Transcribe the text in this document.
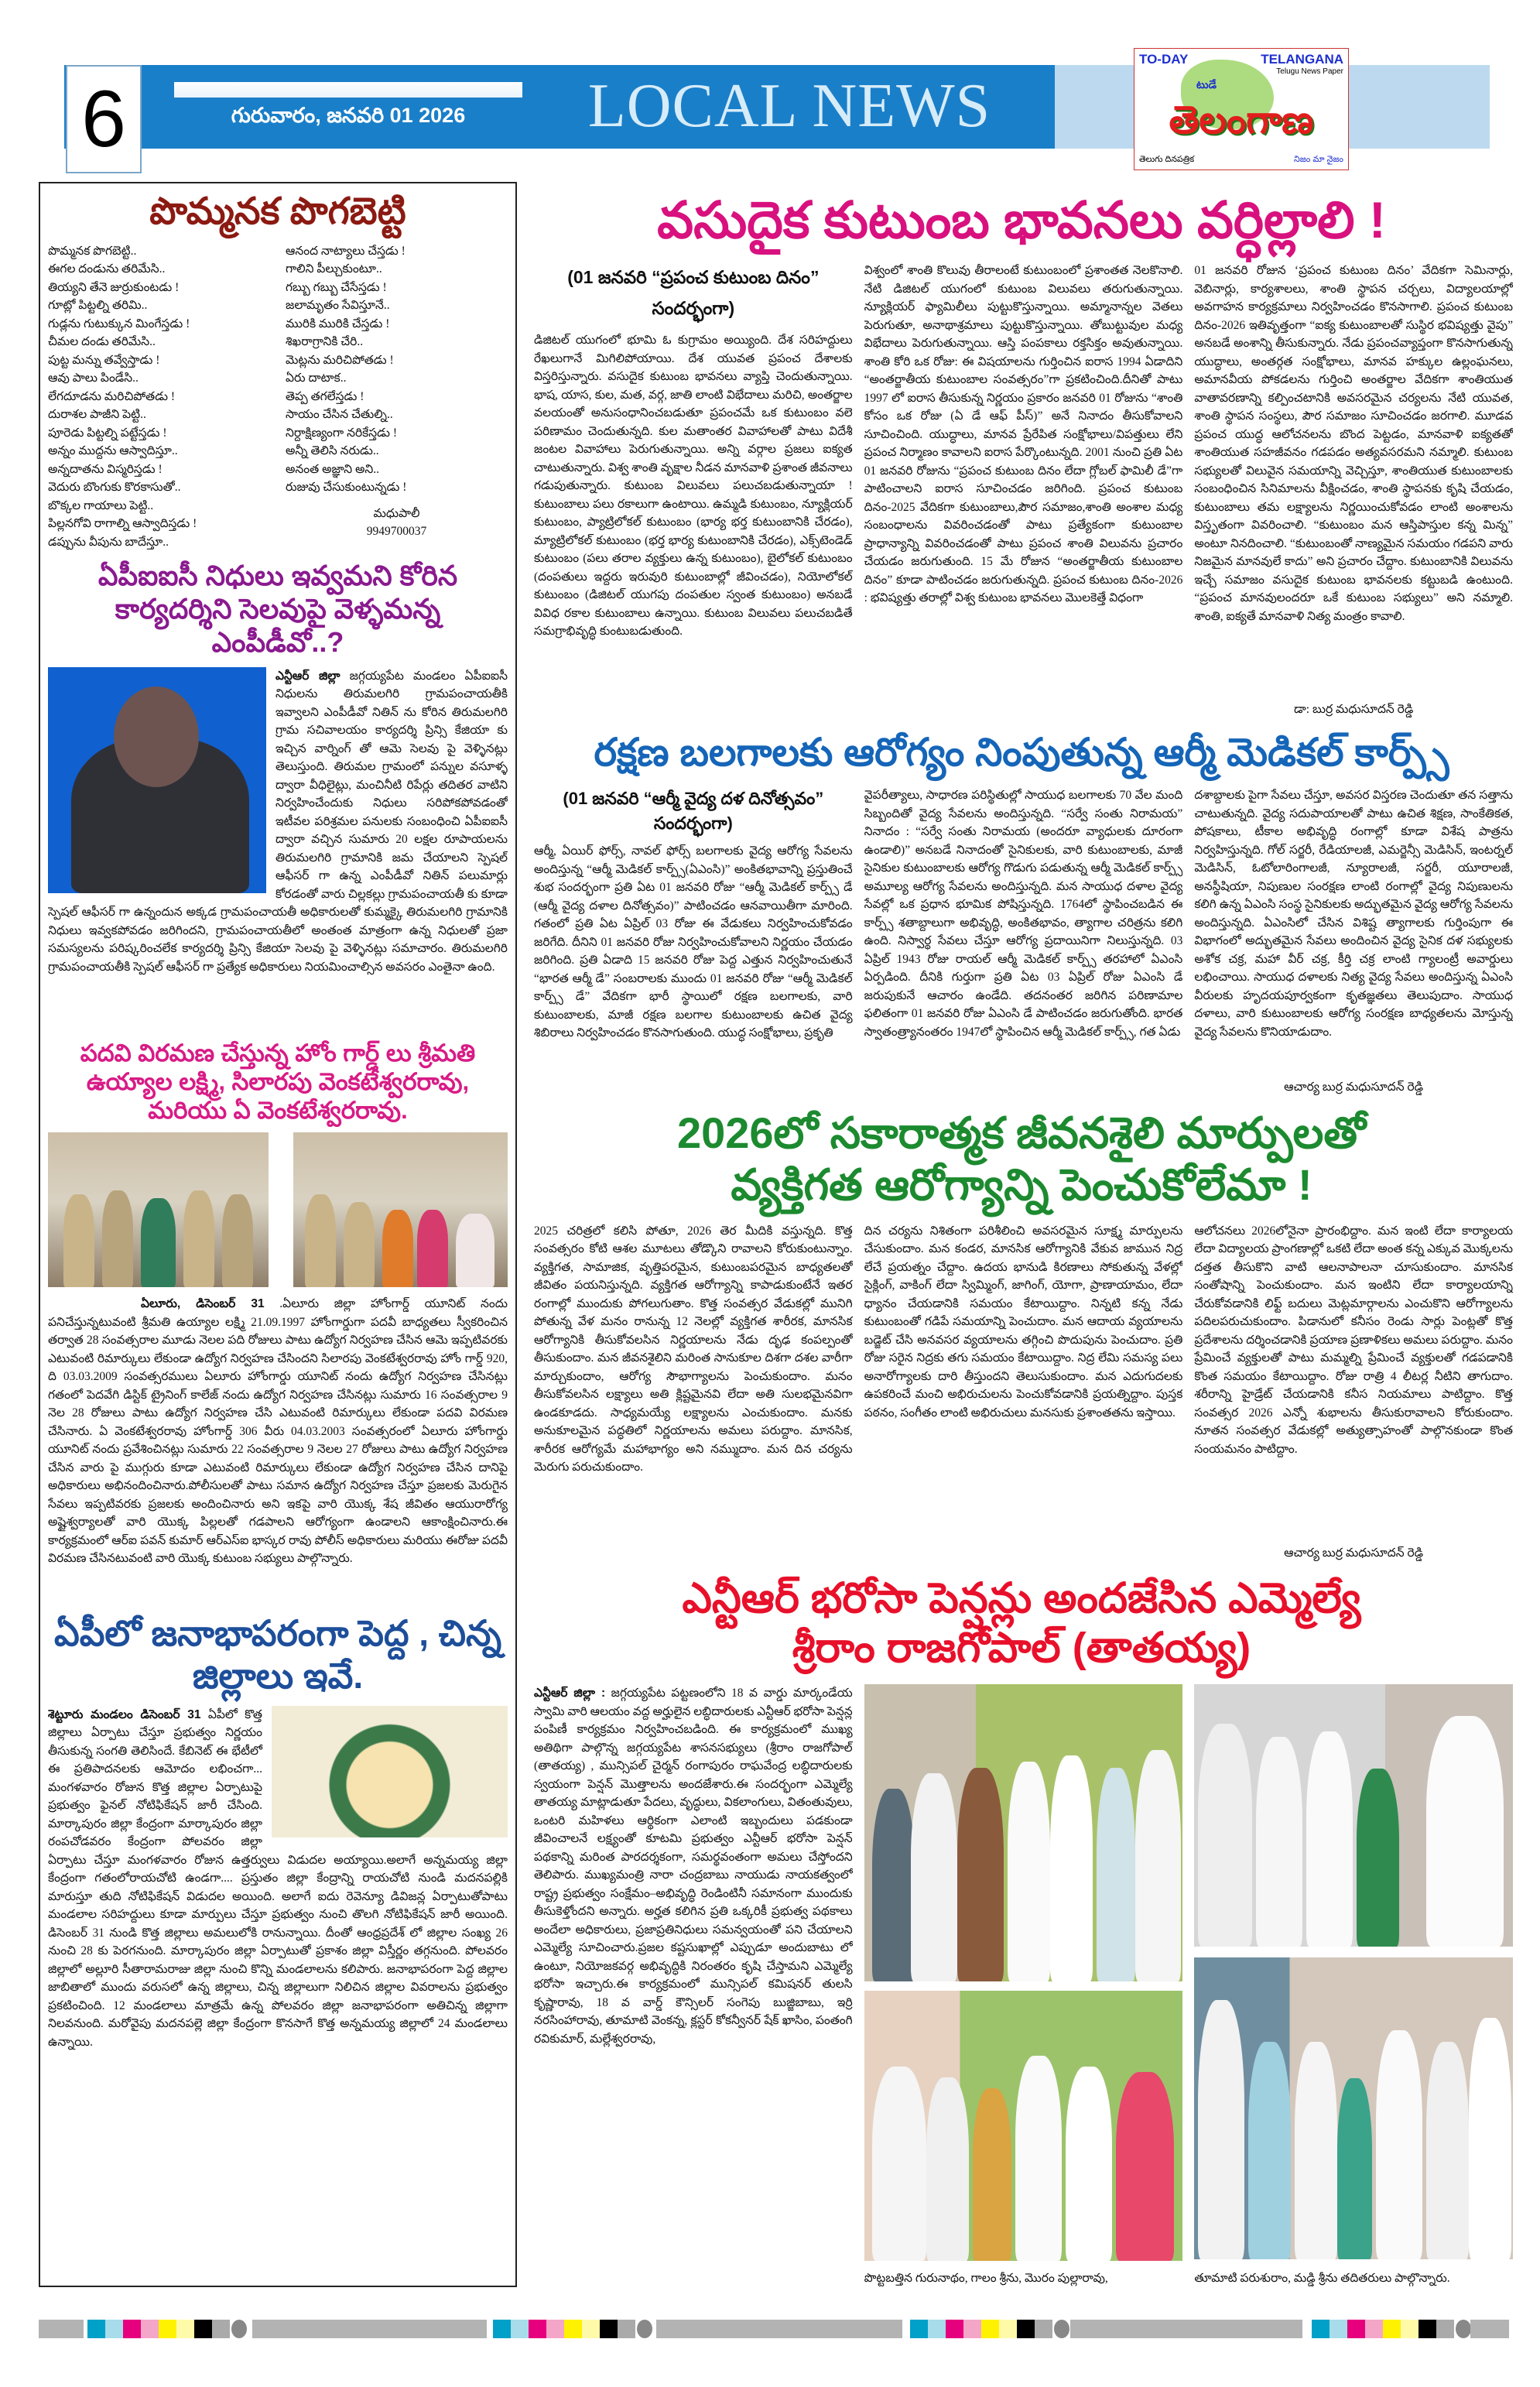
6	గురువారం, జనవరి 01 2026	LOCAL NEWS
TO-DAY	TELANGANA
Telugu News Paper
టుడే
తెలంగాణ
తెలుగు దినపత్రిక	నిజం మా నైజం
పొమ్మనక పొగబెట్టి
పొమ్మనక పొగబెట్టి..
ఈగల దండును తరిమేసి..
తియ్యని తేనె జుర్రుకుంటడు !
గూట్లో పిట్టల్ని తరిమి..
గుడ్లను గుటుక్కున మింగేస్తడు !
చీమల దండు తరిమేసి..
పుట్ట మన్ను తవ్వేస్తాడు !
ఆవు పాలు పిండేసి..
లేగదూడను మరిచిపోతడు !
దురాశల పాజీని పెట్టి..
పూరెడు పిట్టల్ని పట్టేస్తడు !
అన్నం ముద్దను ఆస్వాదిస్తూ..
అన్నదాతను విస్మరిస్తడు !
వెదురు బొంగుకు కొరకాసుతో..
బొక్కల గాయాలు పెట్టి..
పిల్లనగోవి రాగాల్ని ఆస్వాదిస్తడు !
డప్పును వీపును బాదేస్తూ..
ఆనంద నాట్యాలు చేస్తడు !
గాలిని పీల్చుకుంటూ..
గబ్బు గబ్బు చేసేస్తడు !
జలామృతం సేవిస్తూనే..
మురికి మురికి చేస్తడు !
శిఖరాగ్రానికి చేరి..
మెట్లను మరిచిపోతడు !
ఏరు దాటాక..
తెప్ప తగలేస్తడు !
సాయం చేసిన చేతుల్ని..
నిర్దాక్షిణ్యంగా నరికేస్తడు !
అన్నీ తెలిసి నరుడు..
అనంత అజ్ఞాని అని..
రుజువు చేసుకుంటున్నడు !
మధుపాలీ
9949700037
ఏపీఐఐసీ నిధులు ఇవ్వమని కోరిన కార్యదర్శిని సెలవుపై వెళ్ళమన్న ఎంపీడీవో..?
ఎన్టీఆర్ జిల్లా జగ్గయ్యపేట మండలం ఏపీఐఐసీ నిధులను తిరుమలగిరి గ్రామపంచాయతీకి ఇవ్వాలని ఎంపీడీవో నితిన్ ను కోరిన తిరుమలగిరి గ్రామ సచివాలయం కార్యదర్శి ప్రిన్సి కేజియా కు ఇచ్చిన వార్నింగ్ తో ఆమె సెలవు పై వెళ్ళినట్లు తెలుస్తుంది. తిరుమల గ్రామంలో పన్నుల వసూళ్ళ ద్వారా వీధిలైట్లు, మంచినీటి రిపేర్లు తదితర వాటిని నిర్వహించేందుకు నిధులు సరిపోకపోవడంతో ఇటీవల పరిశ్రమల పనులకు సంబంధించి ఏపీఐఐసీ ద్వారా వచ్చిన సుమారు 20 లక్షల రూపాయలను తిరుమలగిరి గ్రామానికి జమ చేయాలని స్పెషల్ ఆఫీసర్ గా ఉన్న ఎంపీడీవో నితిన్ పలుమార్లు కోరడంతో వారు చిల్లకల్లు గ్రామపంచాయతీ కు కూడా స్పెషల్ ఆఫీసర్ గా ఉన్నందున అక్కడ గ్రామపంచాయతీ అధికారులతో కుమ్మక్కై తిరుమలగిరి గ్రామానికి నిధులు ఇవ్వకపోవడం జరిగిందని, గ్రామపంచాయతీలో అంతంత మాత్రంగా ఉన్న నిధులతో ప్రజా సమస్యలను పరిష్కరించలేక కార్యదర్శి ప్రిన్సి కేజియా సెలవు పై వెళ్ళినట్లు సమాచారం. తిరుమలగిరి గ్రామపంచాయతీకి స్పెషల్ ఆఫీసర్ గా ప్రత్యేక అధికారులు నియమించాల్సిన అవసరం ఎంతైనా ఉంది.
పదవి విరమణ చేస్తున్న హోం గార్డ్ లు శ్రీమతి ఉయ్యాల లక్ష్మి, సిలారపు వెంకటేశ్వరరావు, మరియు ఏ వెంకటేశ్వరరావు.
ఏలూరు, డిసెంబర్ 31 .ఏలూరు జిల్లా హోంగార్డ్ యూనిట్ నందు పనిచేస్తున్నటువంటి శ్రీమతి ఉయ్యాల లక్ష్మి 21.09.1997 హోంగార్డుగా పదవీ బాధ్యతలు స్వీకరించిన తర్వాత 28 సంవత్సరాల మూడు నెలల పది రోజులు పాటు ఉద్యోగ నిర్వహణ చేసిన ఆమె ఇప్పటివరకు ఎటువంటి రిమార్కులు లేకుండా ఉద్యోగ నిర్వహణ చేసిందని సిలారపు వెంకటేశ్వరరావు హోం గార్డ్ 920, ది 03.03.2009 సంవత్సరములు ఏలూరు హోంగార్డు యూనిట్ నందు ఉద్యోగ నిర్వహణ చేసినట్లు గతంలో పెదవేగి డిస్టిక్ ట్రైనింగ్ కాలేజ్ నందు ఉద్యోగ నిర్వహణ చేసినట్లు సుమారు 16 సంవత్సరాల 9 నెల 28 రోజులు పాటు ఉద్యోగ నిర్వహణ చేసి ఎటువంటి రిమార్కులు లేకుండా పదవి విరమణ చేసినారు. ఏ వెంకటేశ్వరరావు హోంగార్డ్ 306 వీరు 04.03.2003 సంవత్సరంలో ఏలూరు హోంగార్డు యూనిట్ నందు ప్రవేశించినట్లు సుమారు 22 సంవత్సరాల 9 నెలల 27 రోజులు పాటు ఉద్యోగ నిర్వహణ చేసిన వారు పై ముగ్గురు కూడా ఎటువంటి రిమార్కులు లేకుండా ఉద్యోగ నిర్వహణ చేసిన దానిపై అధికారులు అభినందించినారు.పోలీసులతో పాటు సమాన ఉద్యోగ నిర్వహణ చేస్తూ ప్రజలకు మెరుగైన సేవలు ఇప్పటివరకు ప్రజలకు అందించినారు అని ఇకపై వారి యొక్క శేష జీవితం ఆయురారోగ్య అష్టైశ్వర్యాలతో వారి యొక్క పిల్లలతో గడపాలని ఆరోగ్యంగా ఉండాలని ఆకాంక్షించినారు.ఈ కార్యక్రమంలో ఆర్ఐ పవన్ కుమార్ ఆర్ఎస్ఐ భాస్కర రావు పోలీస్ అధికారులు మరియు ఈరోజు పదవీ విరమణ చేసినటువంటి వారి యొక్క కుటుంబ సభ్యులు పాల్గొన్నారు.
ఏపీలో జనాభాపరంగా పెద్ద , చిన్న జిల్లాలు ఇవే.
శెట్టూరు మండలం డిసెంబర్ 31 ఏపీలో కొత్త జిల్లాలు ఏర్పాటు చేస్తూ ప్రభుత్వం నిర్ణయం తీసుకున్న సంగతి తెలిసిందే. కేబినెట్ ఈ భేటీలో ఈ ప్రతిపాదనలకు ఆమోదం లభించగా... మంగళవారం రోజున కొత్త జిల్లాల ఏర్పాటుపై ప్రభుత్వం ఫైనల్ నోటిఫికేషన్ జారీ చేసింది. మార్కాపురం జిల్లా కేంద్రంగా మార్కాపురం జిల్లా రంపచోడవరం కేంద్రంగా పోలవరం జిల్లా ఏర్పాటు చేస్తూ మంగళవారం రోజున ఉత్తర్వులు విడుదల అయ్యాయి.అలాగే అన్నమయ్య జిల్లా కేంద్రంగా గతంలోరాయచోటి ఉండగా.... ప్రస్తుతం జిల్లా కేంద్రాన్ని రాయచోటి నుండి మదనపల్లికి మారుస్తూ తుది నోటిఫికేషన్ విడుదల అయింది. అలాగే ఐదు రెవెన్యూ డివిజన్ల ఏర్పాటుతోపాటు మండలాల సరిహద్దులు కూడా మార్పులు చేస్తూ ప్రభుత్వం నుంచి తొలగి నోటిఫికేషన్ జారీ అయింది. డిసెంబర్ 31 నుండి కొత్త జిల్లాలు అమలులోకి రానున్నాయి. దీంతో ఆంధ్రప్రదేశ్ లో జిల్లాల సంఖ్య 26 నుంచి 28 కు పెరగనుంది. మార్కాపురం జిల్లా ఏర్పాటుతో ప్రకాశం జిల్లా విస్తీర్ణం తగ్గనుంది. పోలవరం జిల్లాలో అల్లూరి సీతారామరాజు జిల్లా నుంచి కొన్ని మండలాలను కలిపారు. జనాభాపరంగా పెద్ద జిల్లాల జాబితాలో ముందు వరుసలో ఉన్న జిల్లాలు, చిన్న జిల్లాలుగా నిలిచిన జిల్లాల వివరాలను ప్రభుత్వం ప్రకటించింది. 12 మండలాలు మాత్రమే ఉన్న పోలవరం జిల్లా జనాభాపరంగా అతిచిన్న జిల్లాగా నిలవనుంది. మరోవైపు మదనపల్లె జిల్లా కేంద్రంగా కొనసాగే కొత్త అన్నమయ్య జిల్లాలో 24 మండలాలు ఉన్నాయి.
వసుదైక కుటుంబ భావనలు వర్ధిల్లాలి !
(01 జనవరి “ప్రపంచ కుటుంబ దినం” సందర్భంగా)
డిజిటల్ యుగంలో భూమి ఓ కుగ్రామం అయ్యింది. దేశ సరిహద్దులు రేఖలుగానే మిగిలిపోయాయి. దేశ యువత ప్రపంచ దేశాలకు విస్తరిస్తున్నారు. వసుదైక కుటుంబ భావనలు వ్యాప్తి చెందుతున్నాయి. భాష, యాస, కుల, మత, వర్గ, జాతి లాంటి విభేదాలు మరిచి, అంతర్జాల వలయంతో అనుసంధానించబడుతూ ప్రపంచమే ఒక కుటుంబం వలె పరిణామం చెందుతున్నది. కుల మతాంతర వివాహాలతో పాటు విదేశీ జంటల వివాహాలు పెరుగుతున్నాయి. అన్ని వర్గాల ప్రజలు ఐక్యత చాటుతున్నారు. విశ్వ శాంతి వృక్షాల నీడన మానవాళి ప్రశాంత జీవనాలు గడుపుతున్నారు. కుటుంబ విలువలు పలుచబడుతున్నాయా ! కుటుంబాలు పలు రకాలుగా ఉంటాయి. ఉమ్మడి కుటుంబం, న్యూక్లియర్ కుటుంబం, ప్యాట్రిలోకల్ కుటుంబం (భార్య భర్త కుటుంబానికి చేరడం), మ్యాట్రిలోకల్ కుటుంబం (భర్త భార్య కుటుంబానికి చేరడం), ఎక్స్‌టెండెడ్ కుటుంబం (పలు తరాల వ్యక్తులు ఉన్న కుటుంబం), బైలోకల్ కుటుంబం (దంపతులు ఇద్దరు ఇరువురి కుటుంబాల్లో జీవించడం), నియోలోకల్ కుటుంబం (డిజిటల్ యుగపు దంపతుల స్వంత కుటుంబం) అనబడే వివిధ రకాల కుటుంబాలు ఉన్నాయి. కుటుంబ విలువలు పలుచబడితే సమగ్రాభివృద్ధి కుంటుబడుతుంది.
విశ్వంలో శాంతి కొలువు తీరాలంటే కుటుంబంలో ప్రశాంతత నెలకొనాలి. నేటి డిజిటల్ యుగంలో కుటుంబ విలువలు తరుగుతున్నాయి. న్యూక్లియర్ ఫ్యామిలీలు పుట్టుకొస్తున్నాయి. అమ్మానాన్నల వెతలు పెరుగుతూ, అనాథాశ్రమాలు పుట్టుకొస్తున్నాయి. తోబుట్టువుల మధ్య విభేదాలు పెరుగుతున్నాయి. ఆస్తి పంపకాలు రక్తసిక్తం అవుతున్నాయి. శాంతి కోరి ఒక రోజు: ఈ విషయాలను గుర్తించిన ఐరాస 1994 ఏడాదిని “అంతర్జాతీయ కుటుంబాల సంవత్సరం”గా ప్రకటించింది.దీనితో పాటు 1997 లో ఐరాస తీసుకున్న నిర్ణయం ప్రకారం జనవరి 01 రోజును “శాంతి కోసం ఒక రోజు (ఏ డే ఆఫ్ పీస్)” అనే నినాదం తీసుకోవాలని సూచించింది. యుద్ధాలు, మానవ ప్రేరేపిత సంక్షోభాలు/విపత్తులు లేని ప్రపంచ నిర్మాణం కావాలని ఐరాస పేర్కొంటున్నది. 2001 నుంచి ప్రతి ఏట 01 జనవరి రోజును “ప్రపంచ కుటుంబ దినం లేదా గ్లోబల్ ఫామిలీ డే”గా పాటించాలని ఐరాస సూచించడం జరిగింది. ప్రపంచ కుటుంబ దినం-2025 వేదికగా కుటుంబాలు,పౌర సమాజం,శాంతి అంశాల మధ్య సంబంధాలను వివరించడంతో పాటు ప్రత్యేకంగా కుటుంబాల ప్రాధాన్యాన్ని వివరించడంతో పాటు ప్రపంచ శాంతి విలువను ప్రచారం చేయడం జరుగుతుంది. 15 మే రోజున “అంతర్జాతీయ కుటుంబాల దినం” కూడా పాటించడం జరుగుతున్నది. ప్రపంచ కుటుంబ దినం-2026 : భవిష్యత్తు తరాల్లో విశ్వ కుటుంబ భావనలు మొలకెత్తే విధంగా
01 జనవరి రోజున ‘ప్రపంచ కుటుంబ దినం’ వేదికగా సెమినార్లు, వెబినార్లు, కార్యశాలలు, శాంతి స్థాపన చర్చలు, విద్యాలయాల్లో అవగాహన కార్యక్రమాలు నిర్వహించడం కొనసాగాలి. ప్రపంచ కుటుంబ దినం-2026 ఇతివృత్తంగా “ఐక్య కుటుంబాలతో సుస్థిర భవిష్యత్తు వైపు” అనబడే అంశాన్ని తీసుకున్నారు. నేడు ప్రపంచవ్యాప్తంగా కొనసాగుతున్న యుద్ధాలు, అంతర్గత సంక్షోభాలు, మానవ హక్కుల ఉల్లంఘనలు, అమానవీయ పోకడలను గుర్తించి అంతర్జాల వేదికగా శాంతియుత వాతావరణాన్ని కల్పించటానికి అవసరమైన చర్యలను నేటి యువత, శాంతి స్థాపన సంస్థలు, పౌర సమాజం సూచించడం జరగాలి. మూడవ ప్రపంచ యుద్ధ ఆలోచనలను బొంద పెట్టడం, మానవాళి ఐక్యతతో శాంతియుత సహజీవనం గడపడం అత్యవసరమని నమ్మాలి. కుటుంబ సభ్యులతో విలువైన సమయాన్ని వెచ్చిస్తూ, శాంతియుత కుటుంబాలకు సంబంధించిన సినిమాలను వీక్షించడం, శాంతి స్థాపనకు కృషి చేయడం, కుటుంబాలు తమ లక్ష్యాలను నిర్ణయించుకోవడం లాంటి అంశాలను విస్తృతంగా వివరించాలి. “కుటుంబం మన ఆస్తిపాస్తుల కన్న మిన్న” అంటూ నినదించాలి. “కుటుంబంతో నాణ్యమైన సమయం గడపని వారు నిజమైన మానవులే కాదు” అని ప్రచారం చేద్దాం. కుటుంబానికి విలువను ఇచ్చే సమాజం వసుదైక కుటుంబ భావనలకు కట్టుబడి ఉంటుంది. “ప్రపంచ మానవులందరూ ఒకే కుటుంబ సభ్యులు” అని నమ్మాలి. శాంతి, ఐక్యతే మానవాళి నిత్య మంత్రం కావాలి.
డా: బుర్ర మధుసూదన్ రెడ్డి
రక్షణ బలగాలకు ఆరోగ్యం నింపుతున్న ఆర్మీ మెడికల్ కార్ప్స్
(01 జనవరి “ఆర్మీ వైద్య దళ దినోత్సవం” సందర్భంగా)
ఆర్మీ, ఏయిర్ ఫోర్స్, నావల్ ఫోర్స్ బలగాలకు వైద్య ఆరోగ్య సేవలను అందిస్తున్న “ఆర్మీ మెడికల్ కార్ప్స్(ఏఎంసి)” అంకితభావాన్ని ప్రస్తుతించే శుభ సందర్భంగా ప్రతి ఏట 01 జనవరి రోజు “ఆర్మీ మెడికల్ కార్ప్స్ డే (ఆర్మీ వైద్య దళాల దినోత్సవం)” పాటించడం ఆనవాయితీగా మారింది. గతంలో ప్రతి ఏట ఏప్రిల్ 03 రోజు ఈ వేడుకలు నిర్వహించుకోవడం జరిగేది. దీనిని 01 జనవరి రోజు నిర్వహించుకోవాలని నిర్ణయం చేయడం జరిగింది. ప్రతి ఏడాది 15 జనవరి రోజు పెద్ద ఎత్తున నిర్వహించుతునే “భారత ఆర్మీ డే” సంబరాలకు ముందు 01 జనవరి రోజు “ఆర్మీ మెడికల్ కార్ప్స్ డే” వేదికగా భారీ స్థాయిలో రక్షణ బలగాలకు, వారి కుటుంబాలకు, మాజీ రక్షణ బలగాల కుటుంబాలకు ఉచిత వైద్య శిబిరాలు నిర్వహించడం కొనసాగుతుంది. యుద్ధ సంక్షోభాలు, ప్రకృతి
వైపరీత్యాలు, సాధారణ పరిస్థితుల్లో సాయుధ బలగాలకు 70 వేల మంది సిబ్బందితో వైద్య సేవలను అందిస్తున్నది. “సర్వే సంతు నిరామయ” నినాదం : “సర్వే సంతు నిరామయ (అందరూ వ్యాధులకు దూరంగా ఉండాలి)” అనబడే నినాదంతో సైనికులకు, వారి కుటుంబాలకు, మాజీ సైనికుల కుటుంబాలకు ఆరోగ్య గొడుగు పడుతున్న ఆర్మీ మెడికల్ కార్ప్స్ అమూల్య ఆరోగ్య సేవలను అందిస్తున్నది. మన సాయుధ దళాల వైద్య సేవల్లో ఒక ప్రధాన భూమిక పోషిస్తున్నది. 1764లో స్థాపించబడిన ఈ కార్ప్స్ శతాబ్దాలుగా అభివృద్ధి, అంకితభావం, త్యాగాల చరిత్రను కలిగి ఉంది. నిస్వార్థ సేవలు చేస్తూ ఆరోగ్య ప్రదాయినిగా నిలుస్తున్నది. 03 ఏప్రిల్ 1943 రోజు రాయల్ ఆర్మీ మెడికల్ కార్ప్స్ తరహాలో ఏఎంసి ఏర్పడింది. దీనికి గుర్తుగా ప్రతి ఏట 03 ఏప్రిల్ రోజు ఏఎంసి డే జరుపుకునే ఆచారం ఉండేది. తదనంతర జరిగిన పరిణామాల ఫలితంగా 01 జనవరి రోజు ఏఎంసి డే పాటించడం జరుగుతోంది. భారత స్వాతంత్ర్యానంతరం 1947లో స్థాపించిన ఆర్మీ మెడికల్ కార్ప్స్, గత ఏడు
దశాబ్దాలకు పైగా సేవలు చేస్తూ, అవసర విస్తరణ చెందుతూ తన సత్తాను చాటుతున్నది. వైద్య సదుపాయాలతో పాటు ఉచిత శిక్షణ, సాంకేతికత, పోషకాలు, టీకాల అభివృద్ధి రంగాల్లో కూడా విశేష పాత్రను నిర్వహిస్తున్నది. గోల్ సర్జరీ, రేడియాలజీ, ఎమర్జెన్సీ మెడిసిన్, ఇంటర్నల్ మెడిసిన్, ఓటోలారింగాలజీ, న్యూరాలజీ, సర్జరీ, యూరాలజీ, అనస్థీషియా, నిపుణుల సంరక్షణ లాంటి రంగాల్లో వైద్య నిపుణులను కలిగి ఉన్న ఏఎంసి సంస్థ సైనికులకు అద్భుతమైన వైద్య ఆరోగ్య సేవలను అందిస్తున్నది. ఏఎంసిలో చేసిన విశిష్ట త్యాగాలకు గుర్తింపుగా ఈ విభాగంలో అద్భుతమైన సేవలు అందించిన వైద్య సైనిక దళ సభ్యులకు అశోక చక్ర, మహా వీర్ చక్ర, కీర్తి చక్ర లాంటి గ్యాలంట్రీ అవార్డులు లభించాయి. సాయుధ దళాలకు నిత్య వైద్య సేవలు అందిస్తున్న ఏఎంసి వీరులకు హృదయపూర్వకంగా కృతజ్ఞతలు తెలుపుదాం. సాయుధ దళాలు, వారి కుటుంబాలకు ఆరోగ్య సంరక్షణ బాధ్యతలను మోస్తున్న వైద్య సేవలను కొనియాడుదాం.
ఆచార్య బుర్ర మధుసూదన్ రెడ్డి
2026లో సకారాత్మక జీవనశైలి మార్పులతో
వ్యక్తిగత ఆరోగ్యాన్ని పెంచుకోలేమా !
2025 చరిత్రలో కలిసి పోతూ, 2026 తెర మీదికి వస్తున్నది. కొత్త సంవత్సరం కోటి ఆశల మూటలు తోడ్కొని రావాలని కోరుకుంటున్నాం. వ్యక్తిగత, సామాజిక, వృత్తిపరమైన, కుటుంబపరమైన బాధ్యతలతో జీవితం పయనిస్తున్నది. వ్యక్తిగత ఆరోగ్యాన్ని కాపాడుకుంటేనే ఇతర రంగాల్లో ముందుకు పోగలుగుతాం. కొత్త సంవత్సర వేడుకల్లో మునిగి పోతున్న వేళ మనం రానున్న 12 నెలల్లో వ్యక్తిగత శారీరక, మానసిక ఆరోగ్యానికి తీసుకోవలసిన నిర్ణయాలను నేడు దృఢ కంపల్పంతో తీసుకుందాం. మన జీవనశైలిని మరింత సానుకూల దిశగా దశల వారీగా మార్చుకుందాం, ఆరోగ్య సౌభాగ్యాలను పెంచుకుందాం. మనం తీసుకోవలసిన లక్ష్యాలు అతి క్లిష్టమైనవి లేదా అతి సులభమైనవిగా ఉండకూడదు. సాధ్యమయ్యే లక్ష్యాలను ఎంచుకుందాం. మనకు అనుకూలమైన పద్ధతిలో నిర్ణయాలను అమలు పరుద్దాం. మానసిక, శారీరక ఆరోగ్యమే మహాభాగ్యం అని నమ్ముదాం. మన దిన చర్యను మెరుగు పరుచుకుందాం.
దిన చర్యను నిశితంగా పరిశీలించి అవసరమైన సూక్ష్మ మార్పులను చేసుకుందాం. మన కండర, మానసిక ఆరోగ్యానికి వేకువ జామున నిద్ర లేచే ప్రయత్నం చేద్దాం. ఉదయ భానుడి కిరణాలు సోకుతున్న వేళల్లో సైక్లింగ్, వాకింగ్ లేదా స్విమ్మింగ్, జాగింగ్, యోగా, ప్రాణాయామం, లేదా ధ్యానం చేయడానికి సమయం కేటాయిద్దాం. నిన్నటి కన్న నేడు కుటుంబంతో గడిపే సమయాన్ని పెంచుదాం. మన ఆదాయ వ్యయాలను బడ్జెట్ చేసి అనవసర వ్యయాలను తగ్గించి పొదుపును పెంచుదాం. ప్రతి రోజు సరైన నిద్రకు తగు సమయం కేటాయిద్దాం. నిద్ర లేమి సమస్య పలు అనారోగ్యాలకు దారి తీస్తుందని తెలుసుకుందాం. మన ఎదుగుదలకు ఉపకరించే మంచి అభిరుచులను పెంచుకోవడానికి ప్రయత్నిద్దాం. పుస్తక పఠనం, సంగీతం లాంటి అభిరుచులు మనసుకు ప్రశాంతతను ఇస్తాయి.
ఆలోచనలు 2026లోనైనా ప్రారంభిద్దాం. మన ఇంటి లేదా కార్యాలయ లేదా విద్యాలయ ప్రాంగణాల్లో ఒకటి లేదా అంత కన్న ఎక్కువ మొక్కలను దత్తత తీసుకొని వాటి ఆలనాపాలనా చూసుకుందాం. మానసిక సంతోషాన్ని పెంచుకుందాం. మన ఇంటిని లేదా కార్యాలయాన్ని చేరుకోవడానికి లిఫ్ట్ బదులు మెట్లమార్గాలను ఎంచుకొని ఆరోగ్యాలను పదిలపరుచుకుందాం. పిడానులో కనీసం రెండు సార్లు పెంట్లతో కొత్త ప్రదేశాలను దర్శించడానికి ప్రయాణ ప్రణాళికలు అమలు పరుద్దాం. మనం ప్రేమించే వ్యక్తులతో పాటు మమ్మల్ని ప్రేమించే వ్యక్తులతో గడపడానికి కొంత సమయం కేటాయిద్దాం. రోజు రాత్రి 4 లీటర్ల నీటిని తాగుదాం. శరీరాన్ని హైడ్రేట్ చేయడానికి కనీస నియమాలు పాటిద్దాం. కొత్త సంవత్సర 2026 ఎన్నో శుభాలను తీసుకురావాలని కోరుకుందాం. నూతన సంవత్సర వేడుకల్లో అత్యుత్సాహంతో పాల్గొనకుండా కొంత సంయమనం పాటిద్దాం.
ఆచార్య బుర్ర మధుసూదన్ రెడ్డి
ఎన్టీఆర్ భరోసా పెన్షన్లు అందజేసిన ఎమ్మెల్యే
శ్రీరాం రాజగోపాల్ (తాతయ్య)
ఎన్టీఆర్ జిల్లా : జగ్గయ్యపేట పట్టణంలోని 18 వ వార్డు మార్కండేయ స్వామి వారి ఆలయం వద్ద అర్హులైన లబ్ధిదారులకు ఎన్టీఆర్ భరోసా పెన్షన్ల పంపిణీ కార్యక్రమం నిర్వహించబడింది. ఈ కార్యక్రమంలో ముఖ్య అతిథిగా పాల్గొన్న జగ్గయ్యపేట శాసనసభ్యులు (శ్రీరాం రాజగోపాల్ (తాతయ్య) , మున్సిపల్ చైర్మన్ రంగాపురం రాఘవేంద్ర లబ్ధిదారులకు స్వయంగా పెన్షన్ మొత్తాలను అందజేశారు.ఈ సందర్భంగా ఎమ్మెల్యే తాతయ్య మాట్లాడుతూ పేదలు, వృద్ధులు, వికలాంగులు, వితంతువులు, ఒంటరి మహిళలు ఆర్థికంగా ఎలాంటి ఇబ్బందులు పడకుండా జీవించాలనే లక్ష్యంతో కూటమి ప్రభుత్వం ఎన్టీఆర్ భరోసా పెన్షన్ పథకాన్ని మరింత పారదర్శకంగా, సమర్థవంతంగా అమలు చేస్తోందని తెలిపారు. ముఖ్యమంత్రి నారా చంద్రబాబు నాయుడు నాయకత్వంలో రాష్ట్ర ప్రభుత్వం సంక్షేమం–అభివృద్ధి రెండింటినీ సమానంగా ముందుకు తీసుకెళ్తోందని అన్నారు. అర్హత కలిగిన ప్రతి ఒక్కరికీ ప్రభుత్వ పథకాలు అందేలా అధికారులు, ప్రజాప్రతినిధులు సమన్వయంతో పని చేయాలని ఎమ్మెల్యే సూచించారు.ప్రజల కష్టసుఖాల్లో ఎప్పుడూ అందుబాటు లో ఉంటూ, నియోజకవర్గ అభివృద్ధికి నిరంతరం కృషి చేస్తామని ఎమ్మెల్యే భరోసా ఇచ్చారు.ఈ కార్యక్రమంలో మున్సిపల్ కమిషనర్ తులసి కృష్ణారావు, 18 వ వార్డ్ కౌన్సిలర్ సంగెపు బుజ్జిబాబు, ఇర్రి నరసింహారావు, తూమాటి వెంకన్న, క్లస్టర్ కోకన్వీనర్ షేక్ ఖాసిం, పంతంగి రవికుమార్, మల్లేశ్వరరావు,
పొట్టబత్తిన గురునాథం, గాలం శ్రీను, మొరం పుల్లారావు,	తూమాటి పరుశురాం, మడ్డి శ్రీను తదితరులు పాల్గొన్నారు.
